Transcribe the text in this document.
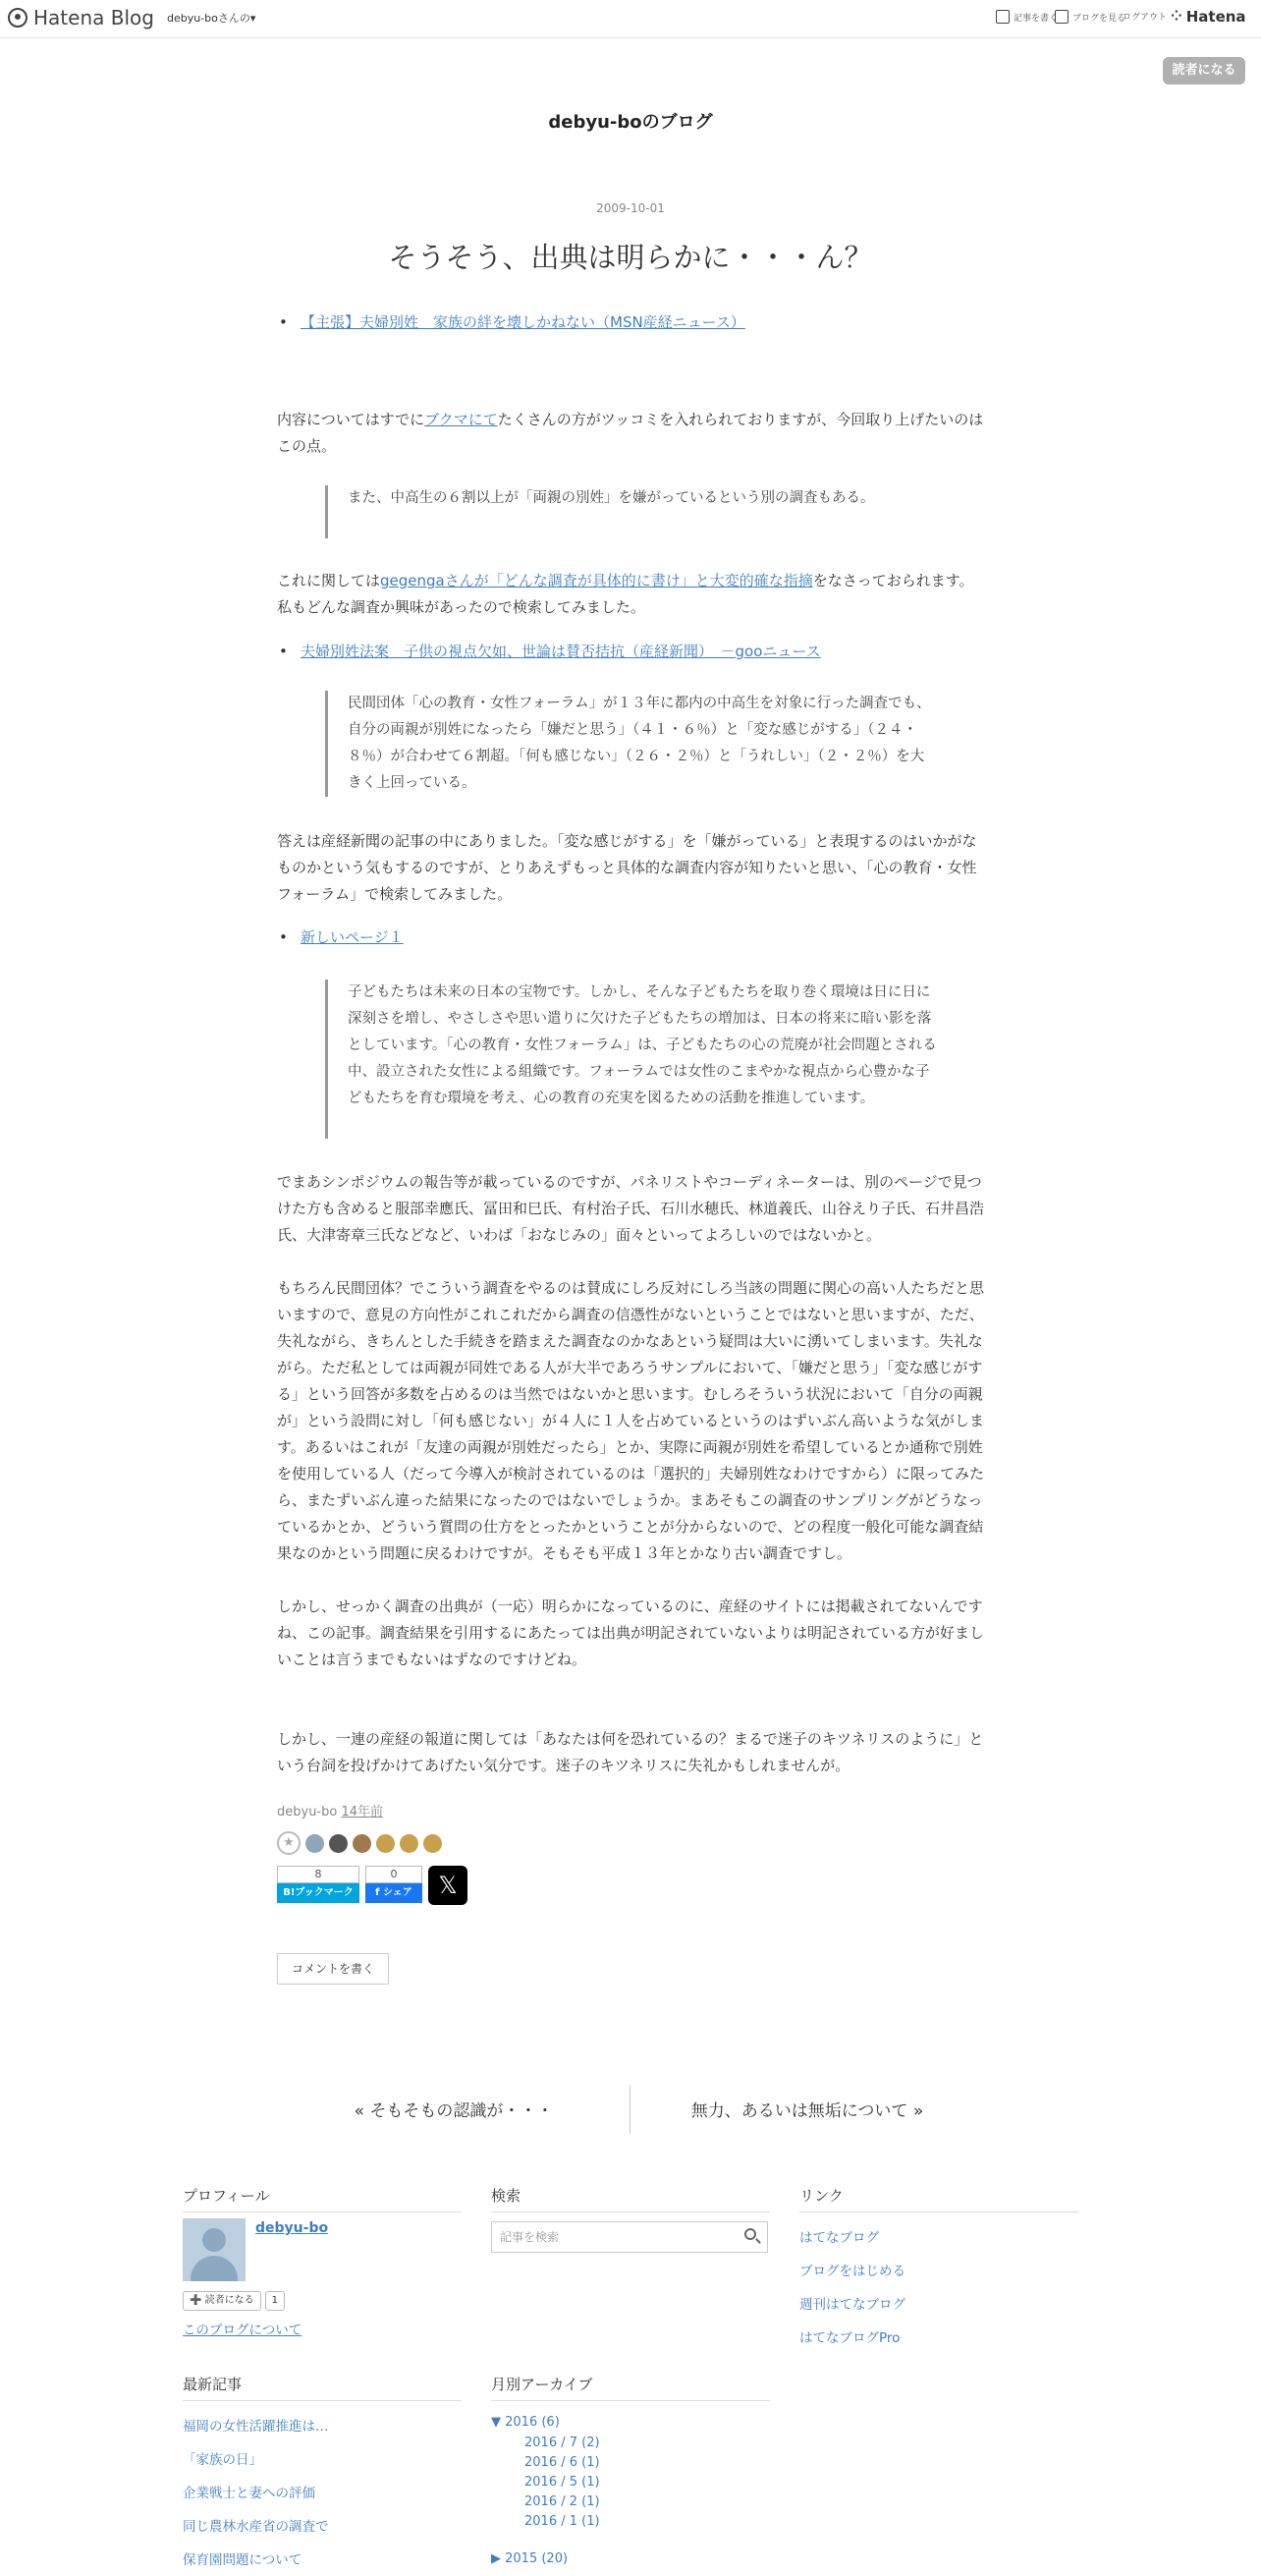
Hatena Blog debyu-boさんの▾	記事を書く ブログを見る
ログアウト ⁘ Hatena
読者になる
debyu-boのブログ
2009-10-01
そうそう、出典は明らかに・・・ん？
• 【主張】夫婦別姓　家族の絆を壊しかねない（MSN産経ニュース）
内容についてはすでにブクマにてたくさんの方がツッコミを入れられておりますが、今回取り上げたいのはこの点。
また、中高生の６割以上が「両親の別姓」を嫌がっているという別の調査もある。
これに関してはgegengaさんが「どんな調査が具体的に書け」と大変的確な指摘をなさっておられます。私もどんな調査か興味があったので検索してみました。
• 夫婦別姓法案　子供の視点欠如、世論は賛否拮抗（産経新聞）　－gooニュース
民間団体「心の教育・女性フォーラム」が１３年に都内の中高生を対象に行った調査でも、自分の両親が別姓になったら「嫌だと思う」（４１・６％）と「変な感じがする」（２４・８％）が合わせて６割超。「何も感じない」（２６・２％）と「うれしい」（２・２％）を大きく上回っている。
答えは産経新聞の記事の中にありました。「変な感じがする」を「嫌がっている」と表現するのはいかがなものかという気もするのですが、とりあえずもっと具体的な調査内容が知りたいと思い、「心の教育・女性フォーラム」で検索してみました。
• 新しいページ１
子どもたちは未来の日本の宝物です。しかし、そんな子どもたちを取り巻く環境は日に日に深刻さを増し、やさしさや思い遣りに欠けた子どもたちの増加は、日本の将来に暗い影を落としています。「心の教育・女性フォーラム」は、子どもたちの心の荒廃が社会問題とされる中、設立された女性による組織です。フォーラムでは女性のこまやかな視点から心豊かな子どもたちを育む環境を考え、心の教育の充実を図るための活動を推進しています。
でまあシンポジウムの報告等が載っているのですが、パネリストやコーディネーターは、別のページで見つけた方も含めると服部幸應氏、冨田和巳氏、有村治子氏、石川水穂氏、林道義氏、山谷えり子氏、石井昌浩氏、大津寄章三氏などなど、いわば「おなじみの」面々といってよろしいのではないかと。
もちろん民間団体？でこういう調査をやるのは賛成にしろ反対にしろ当該の問題に関心の高い人たちだと思いますので、意見の方向性がこれこれだから調査の信憑性がないということではないと思いますが、ただ、失礼ながら、きちんとした手続きを踏まえた調査なのかなあという疑問は大いに湧いてしまいます。失礼ながら。ただ私としては両親が同姓である人が大半であろうサンプルにおいて、「嫌だと思う」「変な感じがする」という回答が多数を占めるのは当然ではないかと思います。むしろそういう状況において「自分の両親が」という設問に対し「何も感じない」が４人に１人を占めているというのはずいぶん高いような気がします。あるいはこれが「友達の両親が別姓だったら」とか、実際に両親が別姓を希望しているとか通称で別姓を使用している人（だって今導入が検討されているのは「選択的」夫婦別姓なわけですから）に限ってみたら、またずいぶん違った結果になったのではないでしょうか。まあそもこの調査のサンプリングがどうなっているかとか、どういう質問の仕方をとったかということが分からないので、どの程度一般化可能な調査結果なのかという問題に戻るわけですが。そもそも平成１３年とかなり古い調査ですし。
しかし、せっかく調査の出典が（一応）明らかになっているのに、産経のサイトには掲載されてないんですね、この記事。調査結果を引用するにあたっては出典が明記されていないよりは明記されている方が好ましいことは言うまでもないはずなのですけどね。
しかし、一連の産経の報道に関しては「あなたは何を恐れているの？まるで迷子のキツネリスのように」という台詞を投げかけてあげたい気分です。迷子のキツネリスに失礼かもしれませんが。
debyu-bo 14年前
★
8
B!ブックマーク
0
f シェア	𝕏
コメントを書く
« そもそもの認識が・・・	無力、あるいは無垢について »
プロフィール
debyu-bo
➕ 読者になる	1
このブログについて
検索
記事を検索
リンク
はてなブログ
ブログをはじめる
週刊はてなブログ
はてなブログPro
最新記事
福岡の女性活躍推進は…
「家族の日」
企業戦士と妻への評価
同じ農林水産省の調査で
保育園問題について
月別アーカイブ
▼ 2016 (6)
2016 / 7 (2)
2016 / 6 (1)
2016 / 5 (1)
2016 / 2 (1)
2016 / 1 (1)
▶ 2015 (20)
